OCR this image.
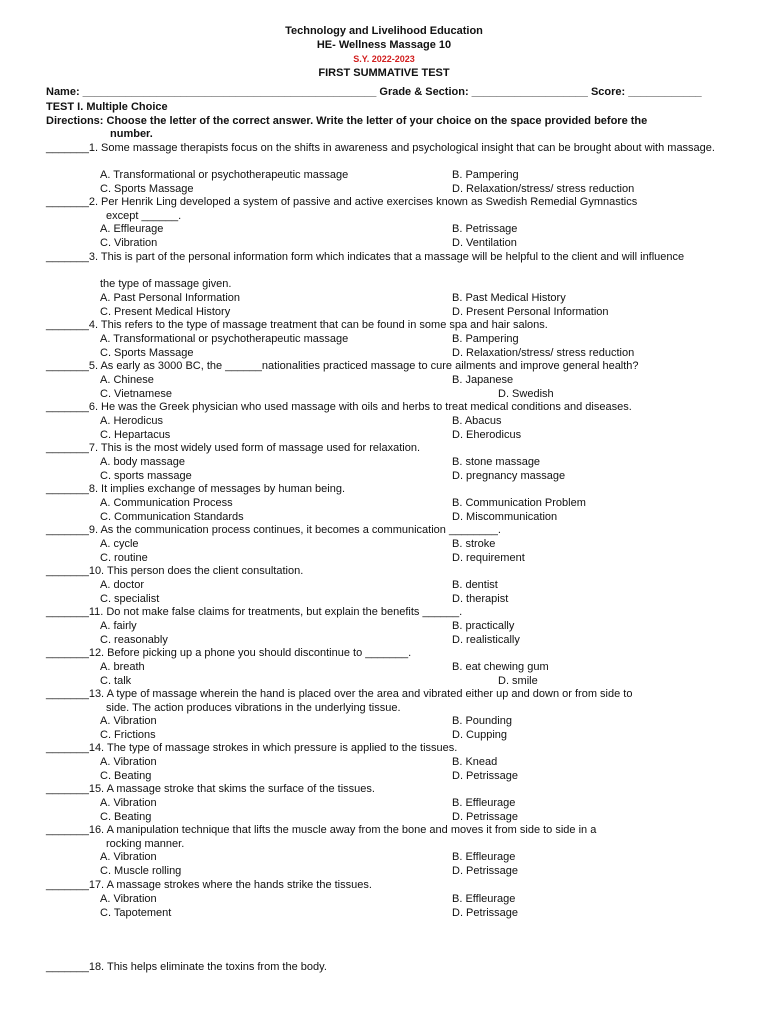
Technology and Livelihood Education
HE- Wellness Massage 10
S.Y. 2022-2023
FIRST SUMMATIVE TEST
Name: ________________________________________________ Grade & Section: ___________________ Score: ____________
TEST I. Multiple Choice
Directions: Choose the letter of the correct answer. Write the letter of your choice on the space provided before the
number.
_______1. Some massage therapists focus on the shifts in awareness and psychological insight that can be brought about with massage.
A. Transformational or psychotherapeutic massage	B. Pampering
C. Sports Massage	D. Relaxation/stress/ stress reduction
_______2. Per Henrik Ling developed a system of passive and active exercises known as Swedish Remedial Gymnastics
except ______.
A. Effleurage	B. Petrissage
C. Vibration	D. Ventilation
_______3. This is part of the personal information form which indicates that a massage will be helpful to the client and will influence
the type of massage given.
A. Past Personal Information	B. Past Medical History
C. Present Medical History	D. Present Personal Information
_______4. This refers to the type of massage treatment that can be found in some spa and hair salons.
A. Transformational or psychotherapeutic massage	B. Pampering
C. Sports Massage	D. Relaxation/stress/ stress reduction
_______5. As early as 3000 BC, the ______nationalities practiced massage to cure ailments and improve general health?
A. Chinese	B. Japanese
C. Vietnamese	D. Swedish
_______6. He was the Greek physician who used massage with oils and herbs to treat medical conditions and diseases.
A. Herodicus	B. Abacus
C. Hepartacus	D. Eherodicus
_______7. This is the most widely used form of massage used for relaxation.
A. body massage	B. stone massage
C. sports massage	D. pregnancy massage
_______8. It implies exchange of messages by human being.
A. Communication Process	B. Communication Problem
C. Communication Standards	D. Miscommunication
_______9. As the communication process continues, it becomes a communication ________.
A. cycle	B. stroke
C. routine	D. requirement
_______10. This person does the client consultation.
A. doctor	B. dentist
C. specialist	D. therapist
_______11. Do not make false claims for treatments, but explain the benefits ______.
A. fairly	B. practically
C. reasonably	D. realistically
_______12. Before picking up a phone you should discontinue to _______.
A. breath	B. eat chewing gum
C. talk	D. smile
_______13. A type of massage wherein the hand is placed over the area and vibrated either up and down or from side to
side. The action produces vibrations in the underlying tissue.
A. Vibration	B. Pounding
C. Frictions	D. Cupping
_______14. The type of massage strokes in which pressure is applied to the tissues.
A. Vibration	B. Knead
C. Beating	D. Petrissage
_______15. A massage stroke that skims the surface of the tissues.
A. Vibration	B. Effleurage
C. Beating	D. Petrissage
_______16. A manipulation technique that lifts the muscle away from the bone and moves it from side to side in a
rocking manner.
A. Vibration	B. Effleurage
C. Muscle rolling	D. Petrissage
_______17. A massage strokes where the hands strike the tissues.
A. Vibration	B. Effleurage
C. Tapotement	D. Petrissage
_______18. This helps eliminate the toxins from the body.
